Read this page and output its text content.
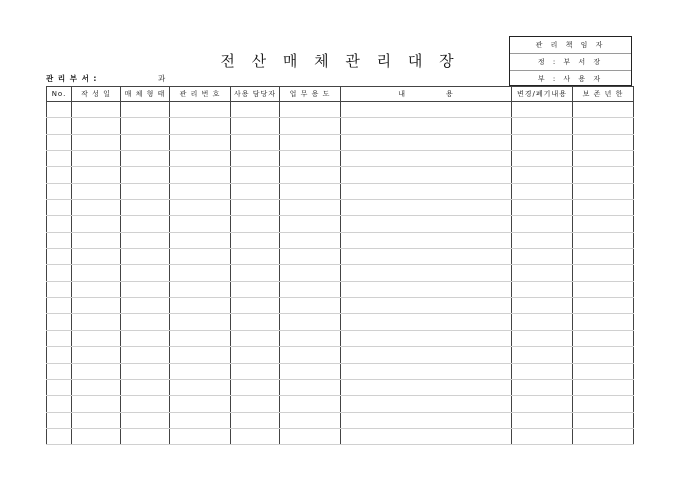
전 산 매 체 관 리 대 장
관 리 책 임 자
정 : 부 서 장
부 : 사 용 자
관 리 부 서 :	과
No.	작 성 일	매 체 형 태	관 리 번 호	사용 담당자	업 무 용 도	내　　　　　용	변경/폐기내용	보 존 년 한
